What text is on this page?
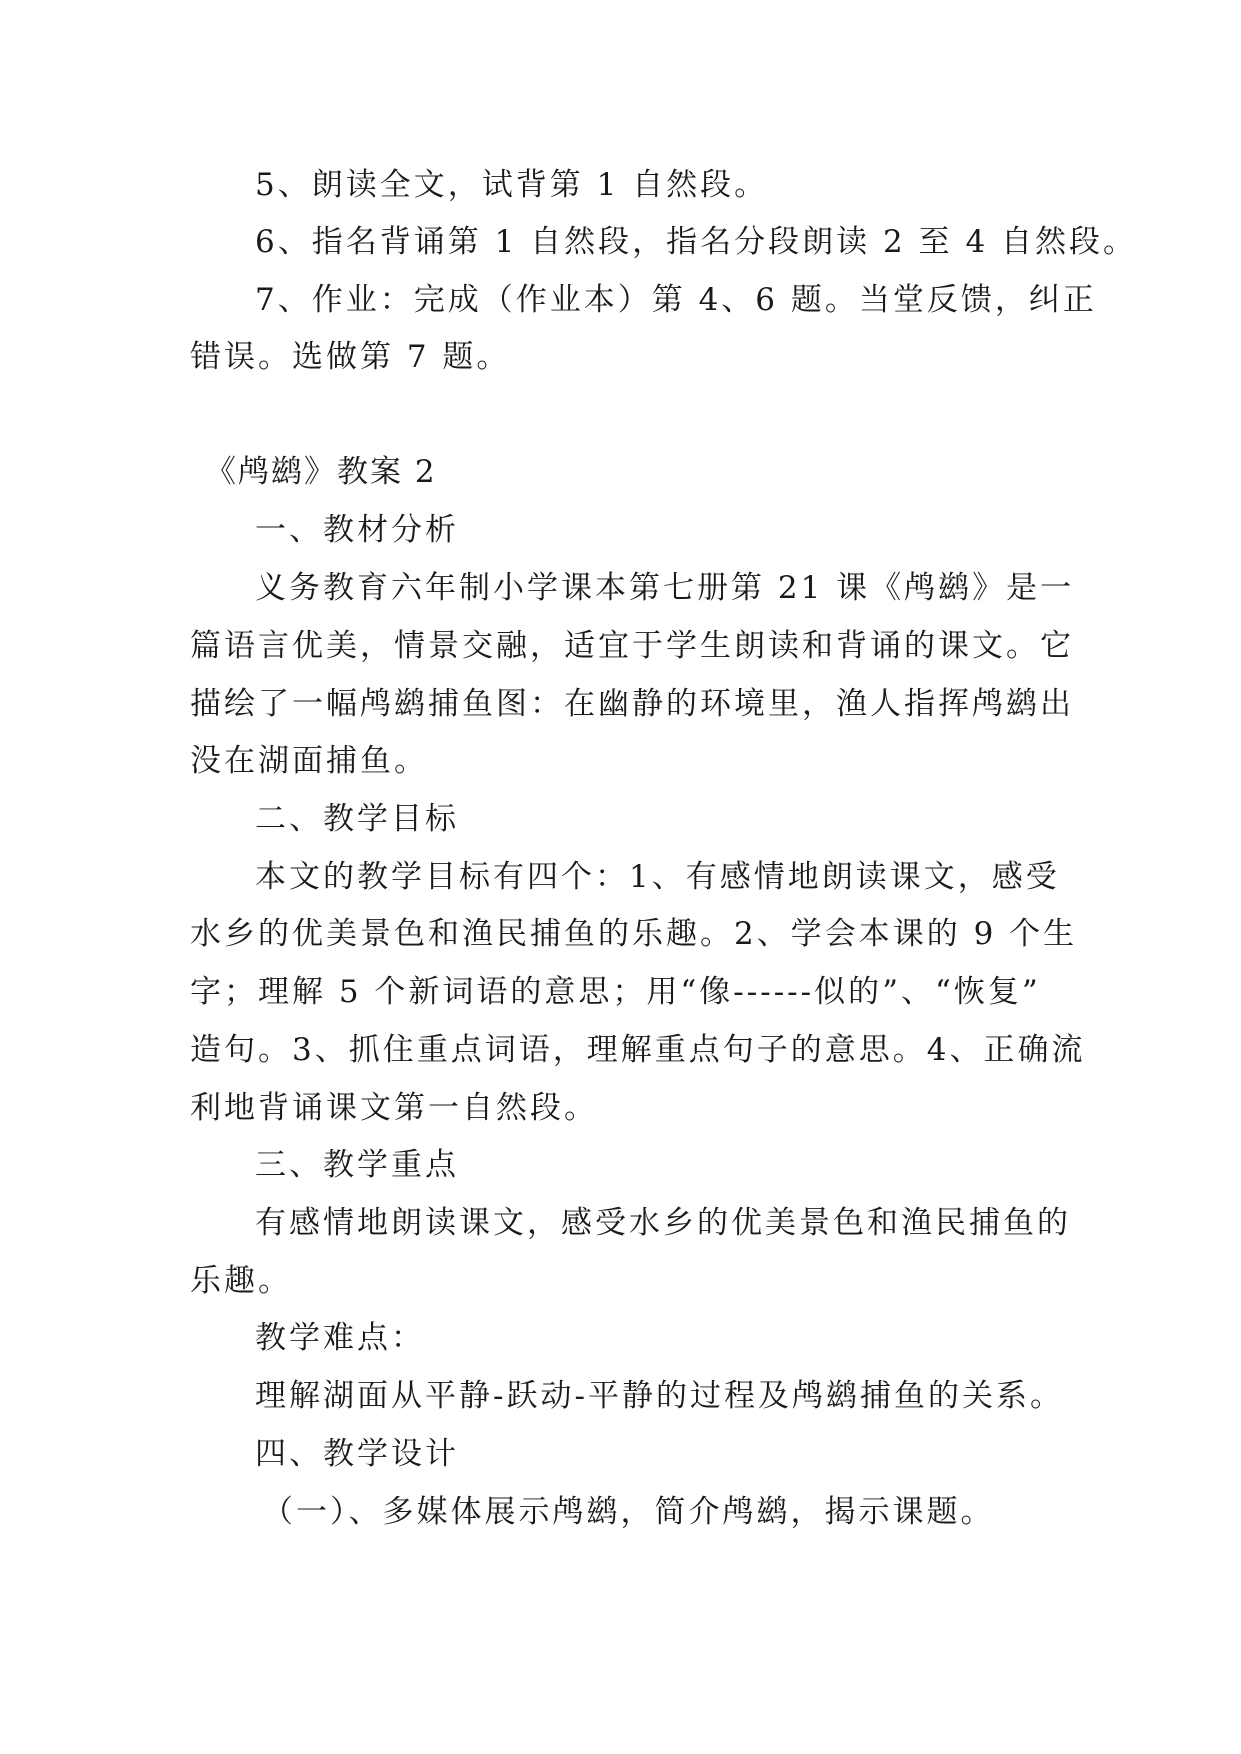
5、朗读全文，试背第 1 自然段。
6、指名背诵第 1 自然段，指名分段朗读 2 至 4 自然段。
7、作业：完成（作业本）第 4、6 题。当堂反馈，纠正
错误。选做第 7 题。
《鸬鹚》教案 2
一、教材分析
义务教育六年制小学课本第七册第 21 课《鸬鹚》是一
篇语言优美，情景交融，适宜于学生朗读和背诵的课文。它
描绘了一幅鸬鹚捕鱼图：在幽静的环境里，渔人指挥鸬鹚出
没在湖面捕鱼。
二、教学目标
本文的教学目标有四个：1、有感情地朗读课文，感受
水乡的优美景色和渔民捕鱼的乐趣。2、学会本课的 9 个生
字；理解 5 个新词语的意思；用“像------似的”、“恢复”
造句。3、抓住重点词语，理解重点句子的意思。4、正确流
利地背诵课文第一自然段。
三、教学重点
有感情地朗读课文，感受水乡的优美景色和渔民捕鱼的
乐趣。
教学难点：
理解湖面从平静-跃动-平静的过程及鸬鹚捕鱼的关系。
四、教学设计
（一）、多媒体展示鸬鹚，简介鸬鹚，揭示课题。
